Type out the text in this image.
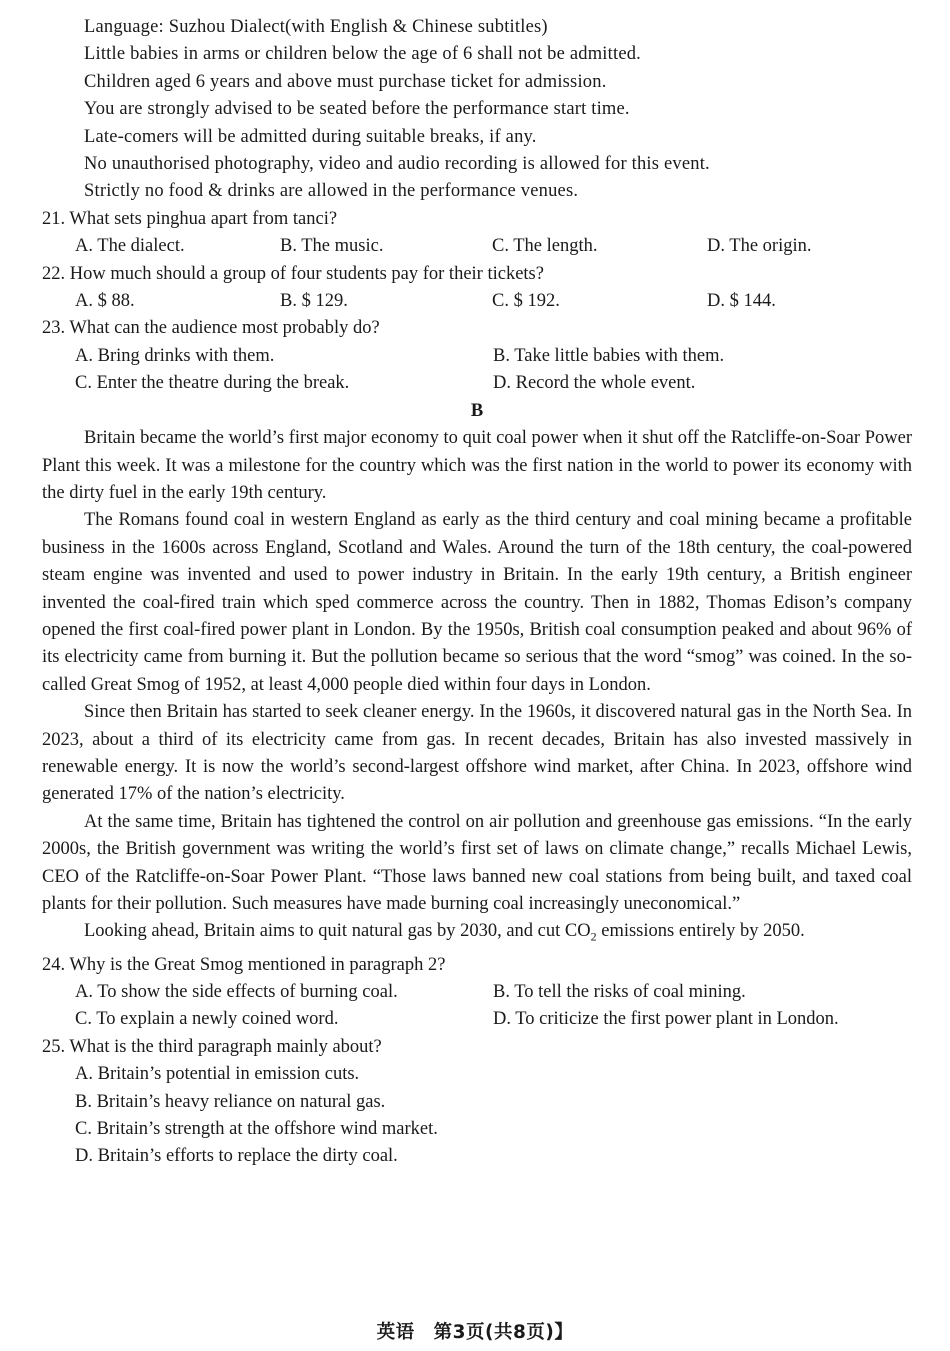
Language: Suzhou Dialect(with English & Chinese subtitles)
Little babies in arms or children below the age of 6 shall not be admitted.
Children aged 6 years and above must purchase ticket for admission.
You are strongly advised to be seated before the performance start time.
Late-comers will be admitted during suitable breaks, if any.
No unauthorised photography, video and audio recording is allowed for this event.
Strictly no food & drinks are allowed in the performance venues.
21. What sets pinghua apart from tanci?
A. The dialect.	B. The music.	C. The length.	D. The origin.
22. How much should a group of four students pay for their tickets?
A. $ 88.	B. $ 129.	C. $ 192.	D. $ 144.
23. What can the audience most probably do?
A. Bring drinks with them.	B. Take little babies with them.
C. Enter the theatre during the break.	D. Record the whole event.
B

Britain became the world’s first major economy to quit coal power when it shut off the Ratcliffe-on-Soar Power Plant this week. It was a milestone for the country which was the first nation in the world to power its economy with the dirty fuel in the early 19th century.

The Romans found coal in western England as early as the third century and coal mining became a profitable business in the 1600s across England, Scotland and Wales. Around the turn of the 18th century, the coal-powered steam engine was invented and used to power industry in Britain. In the early 19th century, a British engineer invented the coal-fired train which sped commerce across the country. Then in 1882, Thomas Edison’s company opened the first coal-fired power plant in London. By the 1950s, British coal consumption peaked and about 96% of its electricity came from burning it. But the pollution became so serious that the word “smog” was coined. In the so-called Great Smog of 1952, at least 4,000 people died within four days in London.

Since then Britain has started to seek cleaner energy. In the 1960s, it discovered natural gas in the North Sea. In 2023, about a third of its electricity came from gas. In recent decades, Britain has also invested massively in renewable energy. It is now the world’s second-largest offshore wind market, after China. In 2023, offshore wind generated 17% of the nation’s electricity.

At the same time, Britain has tightened the control on air pollution and greenhouse gas emissions. “In the early 2000s, the British government was writing the world’s first set of laws on climate change,” recalls Michael Lewis, CEO of the Ratcliffe-on-Soar Power Plant. “Those laws banned new coal stations from being built, and taxed coal plants for their pollution. Such measures have made burning coal increasingly uneconomical.”

Looking ahead, Britain aims to quit natural gas by 2030, and cut $CO_2$ emissions entirely by 2050.

24. Why is the Great Smog mentioned in paragraph 2?
A. To show the side effects of burning coal.	B. To tell the risks of coal mining.
C. To explain a newly coined word.	D. To criticize the first power plant in London.
25. What is the third paragraph mainly about?
A. Britain’s potential in emission cuts.
B. Britain’s heavy reliance on natural gas.
C. Britain’s strength at the offshore wind market.
D. Britain’s efforts to replace the dirty coal.
英语　第3页(共8页)】
